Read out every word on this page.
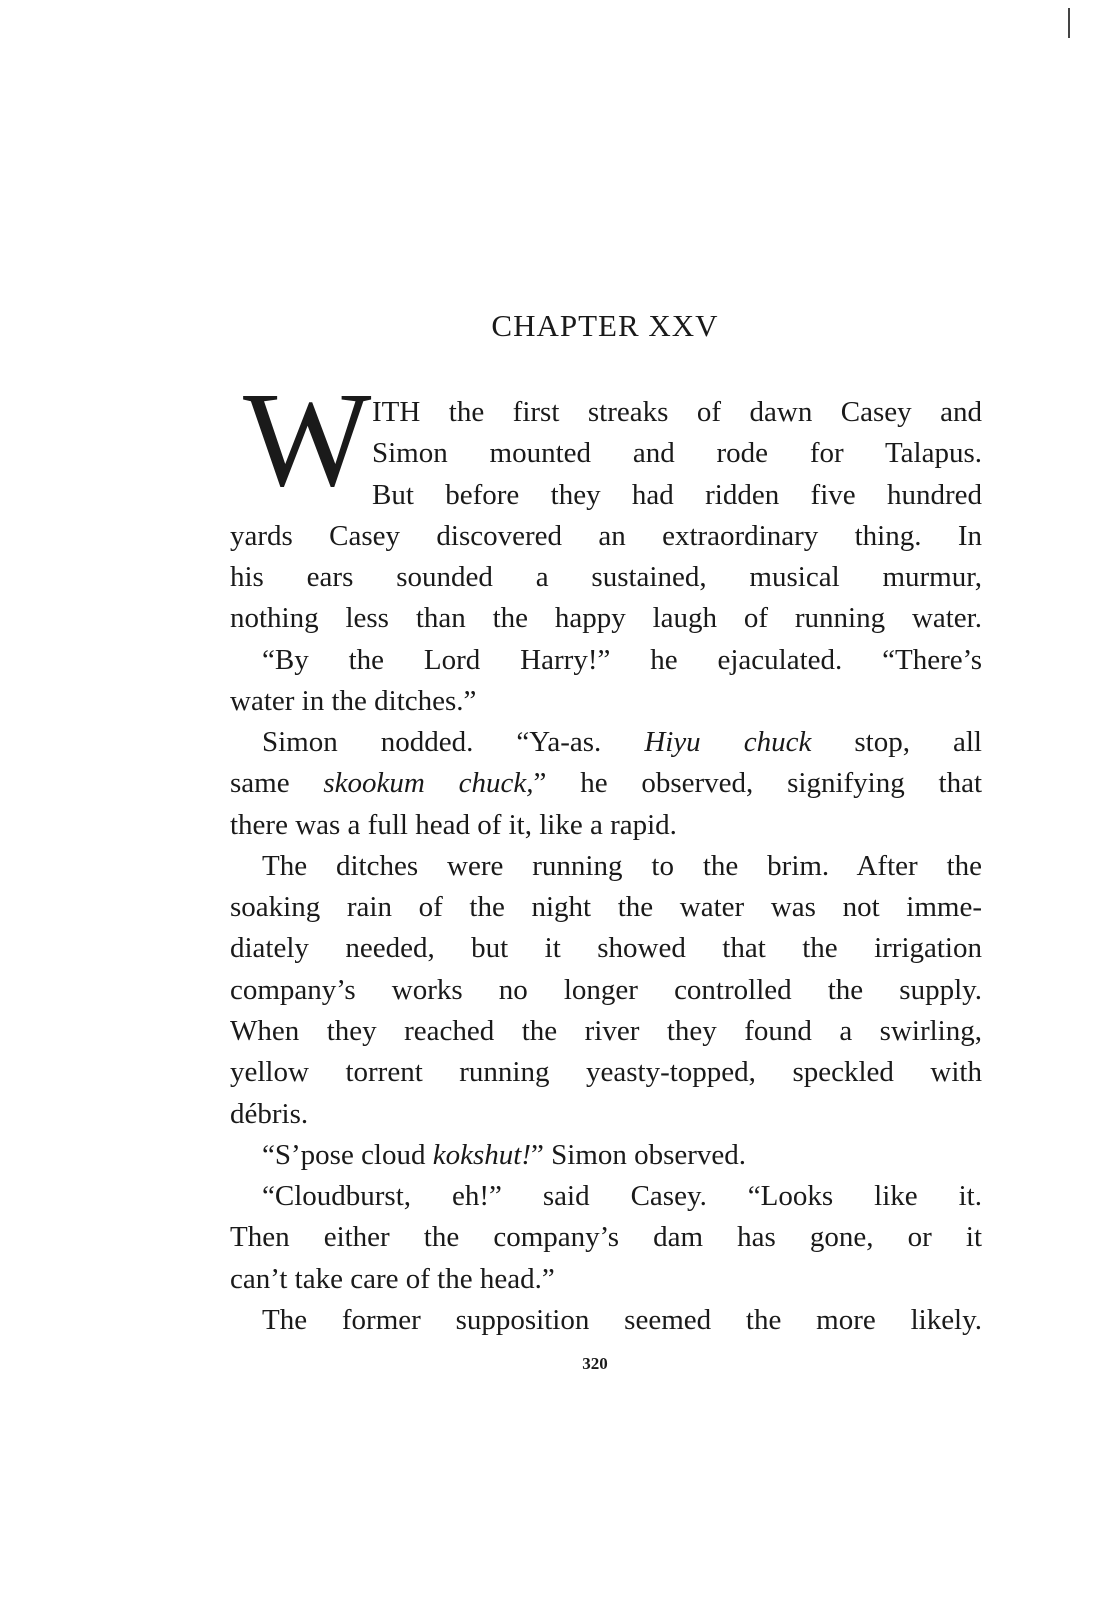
CHAPTER XXV
W ITH the first streaks of dawn Casey and
Simon mounted and rode for Talapus.
But before they had ridden five hundred
yards Casey discovered an extraordinary thing. In
his ears sounded a sustained, musical murmur,
nothing less than the happy laugh of running water.
“By the Lord Harry!” he ejaculated. “There’s
water in the ditches.”
Simon nodded. “Ya-as. Hiyu chuck stop, all
same skookum chuck,” he observed, signifying that
there was a full head of it, like a rapid.
The ditches were running to the brim. After the
soaking rain of the night the water was not imme-
diately needed, but it showed that the irrigation
company’s works no longer controlled the supply.
When they reached the river they found a swirling,
yellow torrent running yeasty-topped, speckled with
débris.
“S’pose cloud kokshut!” Simon observed.
“Cloudburst, eh!” said Casey. “Looks like it.
Then either the company’s dam has gone, or it
can’t take care of the head.”
The former supposition seemed the more likely.
320
